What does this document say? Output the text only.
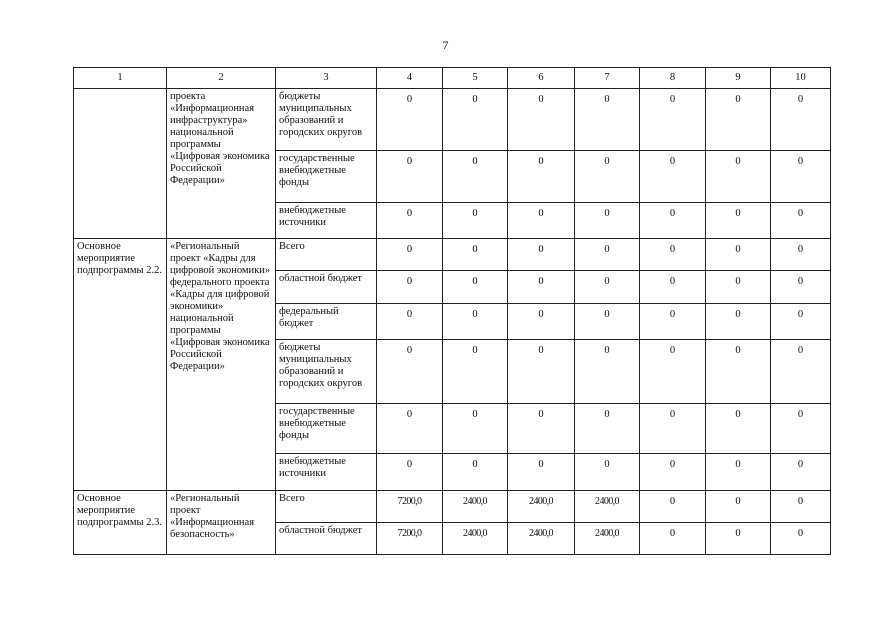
7
1	2	3	4	5	6	7	8	9	10
	проекта «Информационная инфраструктура» национальной программы «Цифровая экономика Российской Федерации»	бюджеты муниципальных образований и городских округов	0	0	0	0	0	0	0
		государственные внебюджетные фонды	0	0	0	0	0	0	0
		внебюджетные источники	0	0	0	0	0	0	0
Основное мероприятие подпрограммы 2.2.	«Региональный проект «Кадры для цифровой экономики» федерального проекта «Кадры для цифровой экономики» национальной программы «Цифровая экономика Российской Федерации»	Всего	0	0	0	0	0	0	0
		областной бюджет	0	0	0	0	0	0	0
		федеральный бюджет	0	0	0	0	0	0	0
		бюджеты муниципальных образований и городских округов	0	0	0	0	0	0	0
		государственные внебюджетные фонды	0	0	0	0	0	0	0
		внебюджетные источники	0	0	0	0	0	0	0
Основное мероприятие подпрограммы 2.3.	«Региональный проект «Информационная безопасность»	Всего	7200,0	2400,0	2400,0	2400,0	0	0	0
		областной бюджет	7200,0	2400,0	2400,0	2400,0	0	0	0
